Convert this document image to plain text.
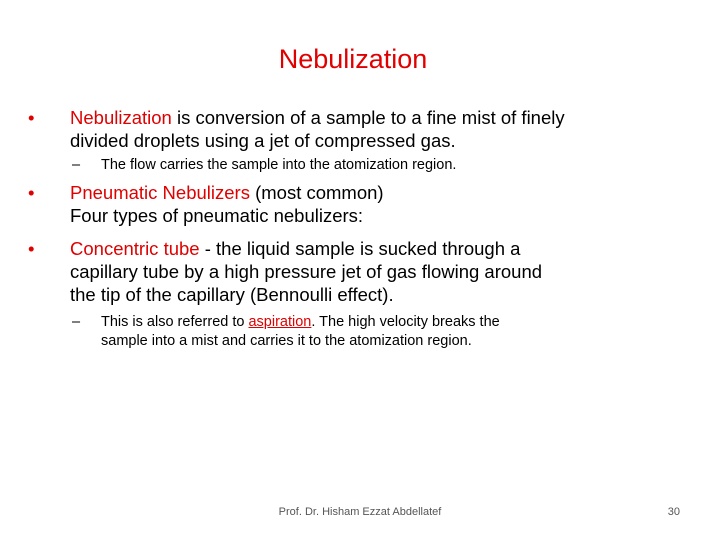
Nebulization
•	Nebulization is conversion of a sample to a fine mist of finely
divided droplets using a jet of compressed gas.
– The flow carries the sample into the atomization region.
•	Pneumatic Nebulizers (most common)
Four types of pneumatic nebulizers:
•	Concentric tube - the liquid sample is sucked through a
capillary tube by a high pressure jet of gas flowing around
the tip of the capillary (Bennoulli effect).
– This is also referred to aspiration. The high velocity breaks the
sample into a mist and carries it to the atomization region.
Prof. Dr. Hisham Ezzat Abdellatef	30
